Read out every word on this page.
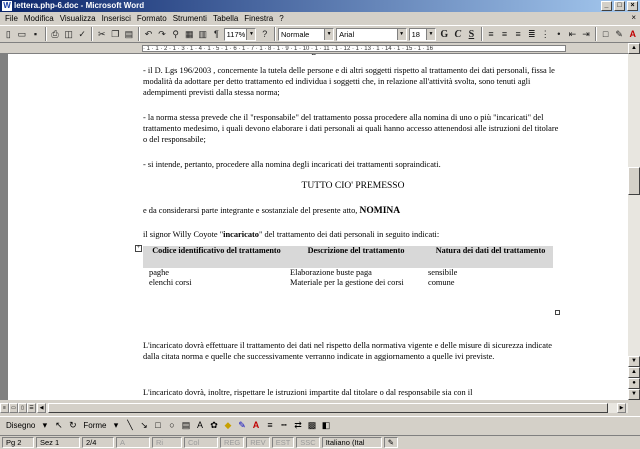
W lettera.php-6.doc - Microsoft Word	_	□	×
File Modifica Visualizza Inserisci Formato Strumenti Tabella Finestra ?	×
▯ ▭ ▪	⎙ ◫ ✓ ✂ ❐ ▤ ↶ ↷ ⚲ ▦ ▥ ¶	117% ▼ ?	Normale	▼	Arial	▼	18	▼ G C S	≡ ≡ ≡ ≣ ⋮ • ⇤ ⇥	□ ✎ A
· 1 · 1 · 2 · 1 · 3 · 1 · 4 · 1 · 5 · 1 · 6 · 1 · 7 · 1 · 8 · 1 · 9 · 1 · 10 · 1 · 11 · 1 · 12 · 1 · 13 · 1 · 14 · 1 · 15 · 1 · 16
- il D. Lgs 196/2003 , concernente la tutela delle persone e di altri soggetti rispetto al trattamento dei dati personali, fissa le modalità da adottare per detto trattamento ed individua i soggetti che, in relazione all'attività svolta, sono tenuti agli adempimenti previsti dalla stessa norma;
- la norma stessa prevede che il "responsabile" del trattamento possa procedere alla nomina di uno o più "incaricati" del trattamento medesimo, i quali devono elaborare i dati personali ai quali hanno accesso attenendosi alle istruzioni del titolare o del responsabile;
- si intende, pertanto, procedere alla nomina degli incaricati dei trattamenti sopraindicati.
TUTTO CIO' PREMESSO
e da considerarsi parte integrante e sostanziale del presente atto, NOMINA
il signor Willy Coyote "incaricato" del trattamento dei dati personali in seguito indicati:
+	Codice identificativo del trattamento	Descrizione del trattamento	Natura dei dati del trattamento
paghe	Elaborazione buste paga	sensibile
elenchi corsi	Materiale per la gestione dei corsi	comune
L'incaricato dovrà effettuare il trattamento dei dati nel rispetto della normativa vigente e delle misure di sicurezza indicate dalla citata norma e quelle che successivamente verranno indicate in aggiornamento a quelle ivi previste.
L'incaricato dovrà, inoltre, rispettare le istruzioni impartite dal titolare o dal responsabile sia con il
▲
▼
▲
●
▼
≡	▭	▯	☰	◀	▶
Disegno ▾ ↖ ↻ Forme ▾	╲ ↘ □ ○ ▤ A ✿ ◆ ✎ A ≡ ┅ ⇄ ▩ ◧
Pg 2	Sez 1	2/4	A	Ri	Col	REG	REV	EST	SSC	Italiano (Ital	✎
